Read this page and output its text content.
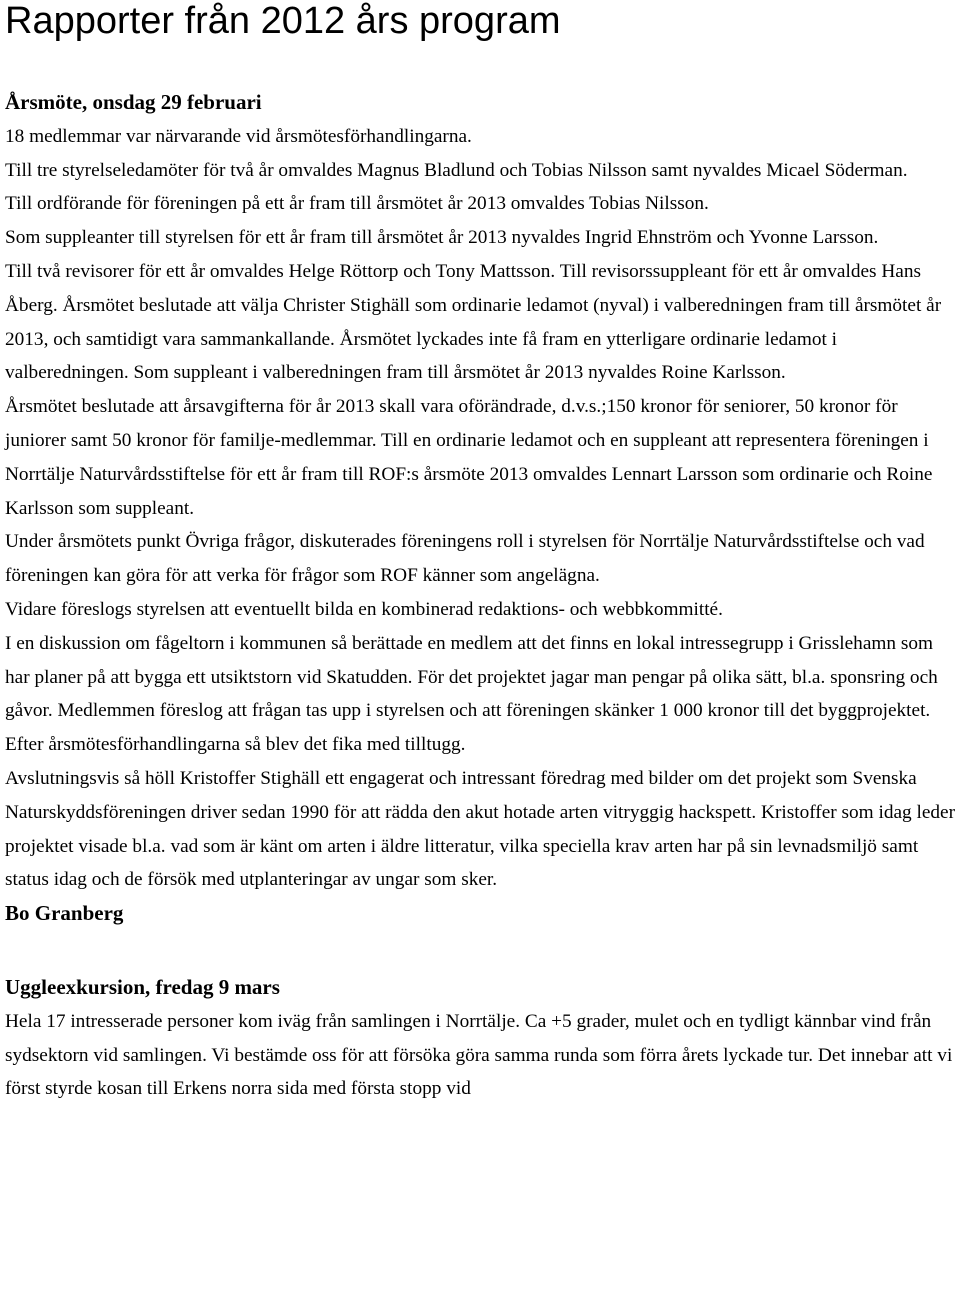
Rapporter från 2012 års program
Årsmöte, onsdag 29 februari

18 medlemmar var närvarande vid årsmötesförhandlingarna.

Till tre styrelseledamöter för två år omvaldes Magnus Bladlund och Tobias Nilsson samt nyvaldes Micael Söderman.

Till ordförande för föreningen på ett år fram till årsmötet år 2013 omvaldes Tobias Nilsson.

Som suppleanter till styrelsen för ett år fram till årsmötet år 2013 nyvaldes Ingrid Ehnström och Yvonne Larsson.

Till två revisorer för ett år omvaldes Helge Röttorp och Tony Mattsson. Till revisorssuppleant för ett år omvaldes Hans Åberg. Årsmötet beslutade att välja Christer Stighäll som ordinarie ledamot (nyval) i valberedningen fram till årsmötet år 2013, och samtidigt vara sammankallande. Årsmötet lyckades inte få fram en ytterligare ordinarie ledamot i valberedningen. Som suppleant i valberedningen fram till årsmötet år 2013 nyvaldes Roine Karlsson.

Årsmötet beslutade att årsavgifterna för år 2013 skall vara oförändrade, d.v.s.;150 kronor för seniorer, 50 kronor för juniorer samt 50 kronor för familje-medlemmar. Till en ordinarie ledamot och en suppleant att representera föreningen i Norrtälje Naturvårdsstiftelse för ett år fram till ROF:s årsmöte 2013 omvaldes Lennart Larsson som ordinarie och Roine Karlsson som suppleant.

Under årsmötets punkt Övriga frågor, diskuterades föreningens roll i styrelsen för Norrtälje Naturvårdsstiftelse och vad föreningen kan göra för att verka för frågor som ROF känner som angelägna.

Vidare föreslogs styrelsen att eventuellt bilda en kombinerad redaktions- och webbkommitté.

I en diskussion om fågeltorn i kommunen så berättade en medlem att det finns en lokal intressegrupp i Grisslehamn som har planer på att bygga ett utsiktstorn vid Skatudden. För det projektet jagar man pengar på olika sätt, bl.a. sponsring och gåvor. Medlemmen föreslog att frågan tas upp i styrelsen och att föreningen skänker 1 000 kronor till det byggprojektet.

Efter årsmötesförhandlingarna så blev det fika med tilltugg.

Avslutningsvis så höll Kristoffer Stighäll ett engagerat och intressant föredrag med bilder om det projekt som Svenska Naturskyddsföreningen driver sedan 1990 för att rädda den akut hotade arten vitryggig hackspett. Kristoffer som idag leder projektet visade bl.a. vad som är känt om arten i äldre litteratur, vilka speciella krav arten har på sin levnadsmiljö samt status idag och de försök med utplanteringar av ungar som sker.

Bo Granberg

Uggleexkursion, fredag 9 mars

Hela 17 intresserade personer kom iväg från samlingen i Norrtälje. Ca +5 grader, mulet och en tydligt kännbar vind från sydsektorn vid samlingen. Vi bestämde oss för att försöka göra samma runda som förra årets lyckade tur. Det innebar att vi först styrde kosan till Erkens norra sida med första stopp vid
